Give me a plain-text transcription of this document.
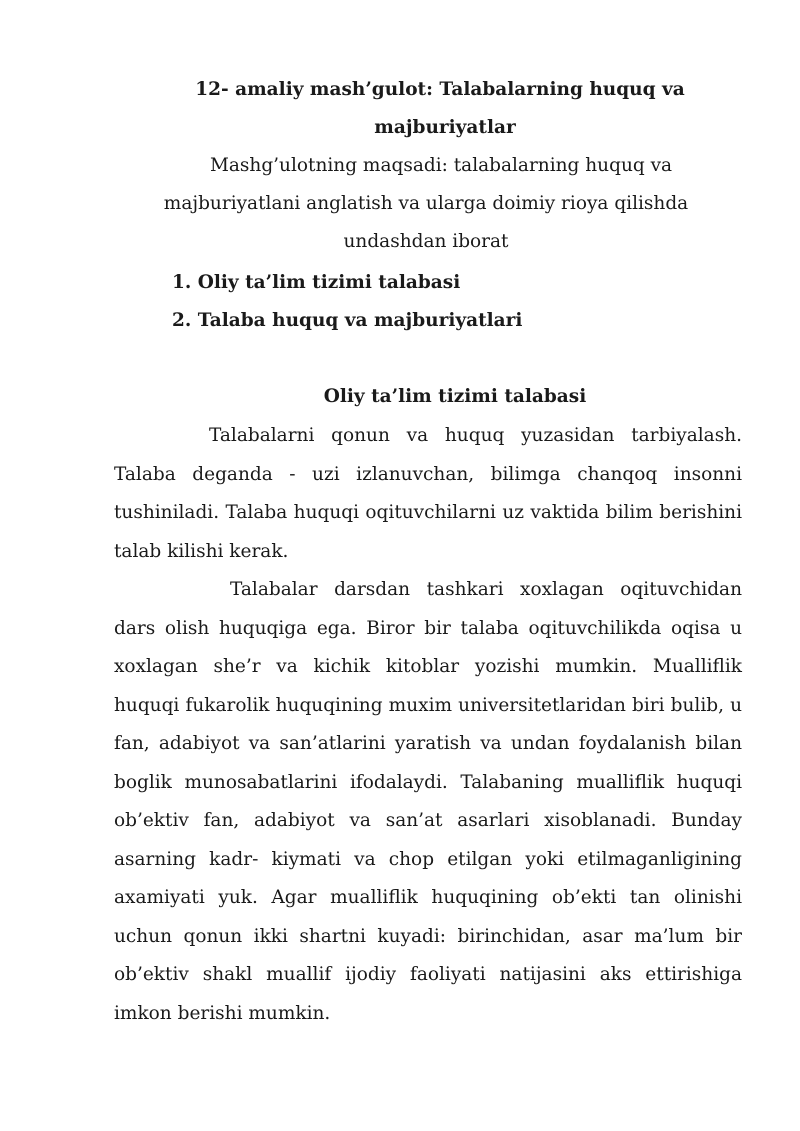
12- amaliy mash’gulot: Talabalarning huquq va
majburiyatlar
Mashg’ulotning maqsadi: talabalarning huquq va
majburiyatlani anglatish va ularga doimiy rioya qilishda undashdan iborat
1. Oliy ta’lim tizimi talabasi
2. Talaba huquq va majburiyatlari
Oliy ta’lim tizimi talabasi

Talabalarni qonun va huquq yuzasidan tarbiyalash. Talaba deganda - uzi izlanuvchan, bilimga chanqoq insonni tushiniladi. Talaba huquqi oqituvchilarni uz vaktida bilim berishini talab kilishi kerak.

Talabalar darsdan tashkari xoxlagan oqituvchidan dars olish huquqiga ega. Biror bir talaba oqituvchilikda oqisa u xoxlagan she’r va kichik kitoblar yozishi mumkin. Mualliflik huquqi fukarolik huquqining muxim universitetlaridan biri bulib, u fan, adabiyot va san’atlarini yaratish va undan foydalanish bilan boglik munosabatlarini ifodalaydi. Talabaning mualliflik huquqi ob’ektiv fan, adabiyot va san’at asarlari xisoblanadi. Bunday asarning kadr- kiymati va chop etilgan yoki etilmaganligining axamiyati yuk. Agar mualliflik huquqining ob’ekti tan olinishi uchun qonun ikki shartni kuyadi: birinchidan, asar ma’lum bir ob’ektiv shakl muallif ijodiy faoliyati natijasini aks ettirishiga imkon berishi mumkin.
